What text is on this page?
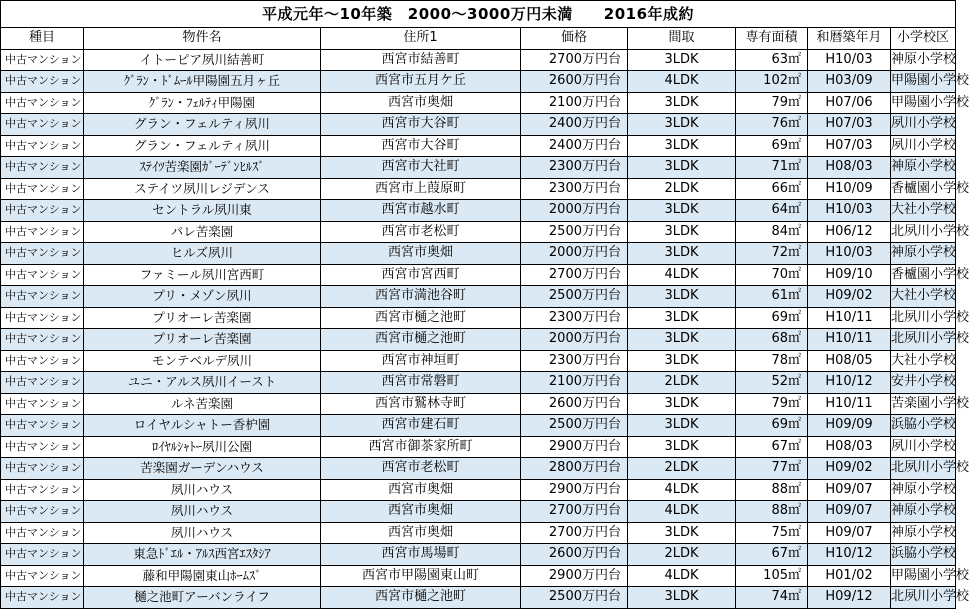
平成元年～10年築　2000～3000万円未満　　2016年成約							
種目	物件名	住所1	価格	間取	専有面積	和暦築年月	小学校区
中古マンション	イトーピア夙川結善町	西宮市結善町	2700万円台	3LDK	63㎡	H10/03	神原小学校
中古マンション	ｸﾞﾗﾝ・ﾄﾞﾑｰﾙ甲陽園五月ヶ丘	西宮市五月ケ丘	2600万円台	4LDK	102㎡	H03/09	甲陽園小学校
中古マンション	ｸﾞﾗﾝ・ﾌｪﾙﾃｨ甲陽園	西宮市奥畑	2100万円台	3LDK	79㎡	H07/06	甲陽園小学校
中古マンション	グラン・フェルティ夙川	西宮市大谷町	2400万円台	3LDK	76㎡	H07/03	夙川小学校
中古マンション	グラン・フェルティ夙川	西宮市大谷町	2400万円台	3LDK	69㎡	H07/03	夙川小学校
中古マンション	ｽﾃｲﾂ苦楽園ｶﾞｰﾃﾞﾝﾋﾙｽﾞ	西宮市大社町	2300万円台	3LDK	71㎡	H08/03	神原小学校
中古マンション	ステイツ夙川レジデンス	西宮市上葭原町	2300万円台	2LDK	66㎡	H10/09	香櫨園小学校
中古マンション	セントラル夙川東	西宮市越水町	2000万円台	3LDK	64㎡	H10/03	大社小学校
中古マンション	パレ苦楽園	西宮市老松町	2500万円台	3LDK	84㎡	H06/12	北夙川小学校
中古マンション	ヒルズ夙川	西宮市奥畑	2000万円台	3LDK	72㎡	H10/03	神原小学校
中古マンション	ファミール夙川宮西町	西宮市宮西町	2700万円台	4LDK	70㎡	H09/10	香櫨園小学校
中古マンション	プリ・メゾン夙川	西宮市満池谷町	2500万円台	3LDK	61㎡	H09/02	大社小学校
中古マンション	プリオーレ苦楽園	西宮市樋之池町	2300万円台	3LDK	69㎡	H10/11	北夙川小学校
中古マンション	プリオーレ苦楽園	西宮市樋之池町	2000万円台	3LDK	68㎡	H10/11	北夙川小学校
中古マンション	モンテベルデ夙川	西宮市神垣町	2300万円台	3LDK	78㎡	H08/05	大社小学校
中古マンション	ユニ・アルス夙川イースト	西宮市常磐町	2100万円台	2LDK	52㎡	H10/12	安井小学校
中古マンション	ルネ苦楽園	西宮市鷲林寺町	2600万円台	3LDK	79㎡	H10/11	苦楽園小学校
中古マンション	ロイヤルシャトー香枦園	西宮市建石町	2500万円台	3LDK	69㎡	H09/09	浜脇小学校
中古マンション	ﾛｲﾔﾙｼｬﾄｰ夙川公園	西宮市御茶家所町	2900万円台	3LDK	67㎡	H08/03	夙川小学校
中古マンション	苦楽園ガーデンハウス	西宮市老松町	2800万円台	2LDK	77㎡	H09/02	北夙川小学校
中古マンション	夙川ハウス	西宮市奥畑	2900万円台	4LDK	88㎡	H09/07	神原小学校
中古マンション	夙川ハウス	西宮市奥畑	2700万円台	4LDK	88㎡	H09/07	神原小学校
中古マンション	夙川ハウス	西宮市奥畑	2700万円台	3LDK	75㎡	H09/07	神原小学校
中古マンション	東急ﾄﾞｴﾙ・ｱﾙｽ西宮ｴｽﾀｼｱ	西宮市馬場町	2600万円台	2LDK	67㎡	H10/12	浜脇小学校
中古マンション	藤和甲陽園東山ﾎｰﾑｽﾞ	西宮市甲陽園東山町	2900万円台	4LDK	105㎡	H01/02	甲陽園小学校
中古マンション	樋之池町アーバンライフ	西宮市樋之池町	2500万円台	3LDK	74㎡	H09/12	北夙川小学校
